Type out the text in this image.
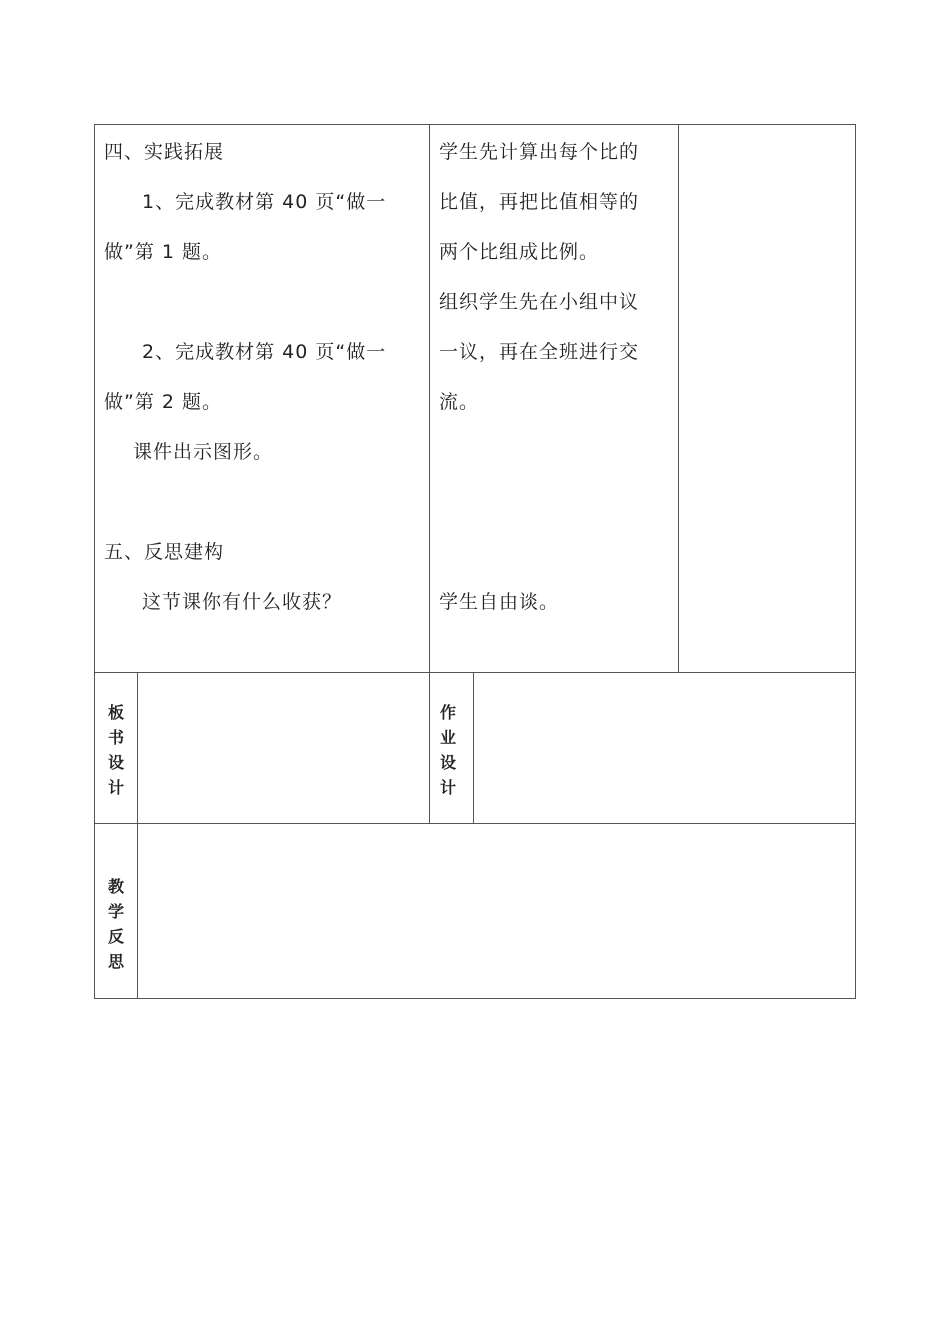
四、实践拓展
1、完成教材第 40 页“做一
做”第 1 题。
2、完成教材第 40 页“做一
做”第 2 题。
课件出示图形。
五、反思建构
这节课你有什么收获？
学生先计算出每个比的
比值，再把比值相等的
两个比组成比例。
组织学生先在小组中议
一议，再在全班进行交
流。
学生自由谈。
板
书
设
计
作
业
设
计
教
学
反
思
